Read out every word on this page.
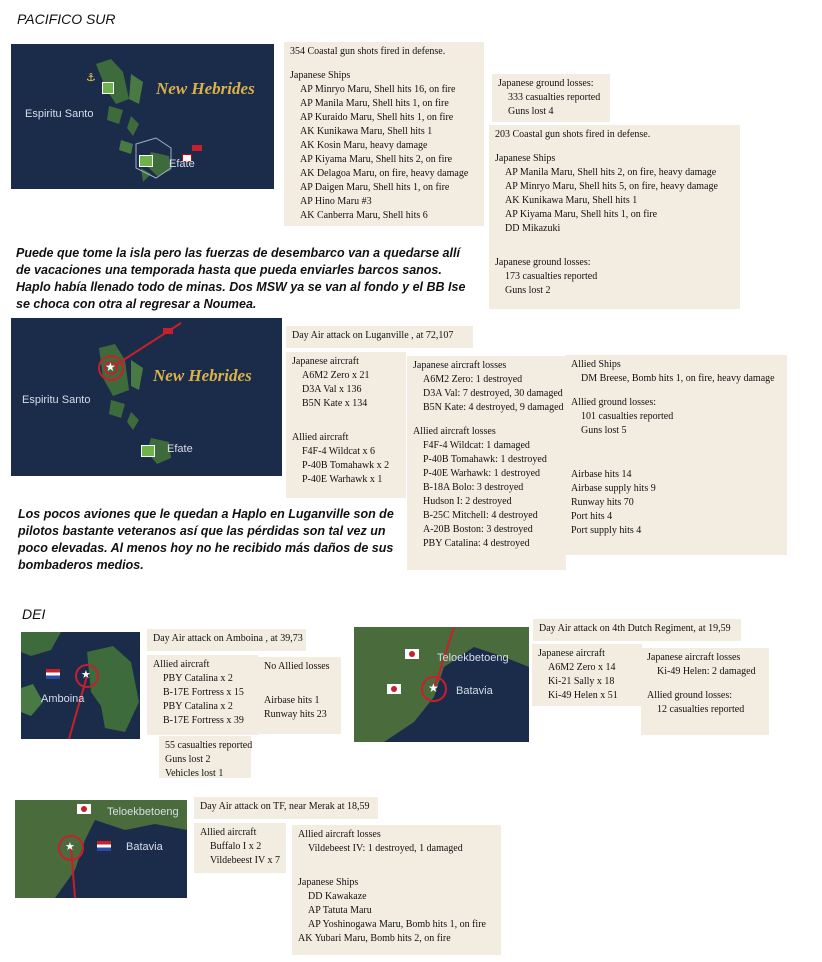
PACIFICO SUR
⚓
New Hebrides
Espiritu Santo
Efate
354 Coastal gun shots fired in defense.
Japanese Ships
AP Minryo Maru, Shell hits 16, on fire
AP Manila Maru, Shell hits 1, on fire
AP Kuraido Maru, Shell hits 1, on fire
AK Kunikawa Maru, Shell hits 1
AK Kosin Maru, heavy damage
AP Kiyama Maru, Shell hits 2, on fire
AK Delagoa Maru, on fire, heavy damage
AP Daigen Maru, Shell hits 1, on fire
AP Hino Maru #3
AK Canberra Maru, Shell hits 6
Japanese ground losses:
333 casualties reported
Guns lost 4
203 Coastal gun shots fired in defense.
Japanese Ships
AP Manila Maru, Shell hits 2, on fire, heavy damage
AP Minryo Maru, Shell hits 5, on fire, heavy damage
AK Kunikawa Maru, Shell hits 1
AP Kiyama Maru, Shell hits 1, on fire
DD Mikazuki
Japanese ground losses:
173 casualties reported
Guns lost 2

Puede que tome la isla pero las fuerzas de desembarco van a quedarse allí de vacaciones una temporada hasta que pueda enviarles barcos sanos. Haplo había llenado todo de minas. Dos MSW ya se van al fondo y el BB Ise se choca con otra al regresar a Noumea.

★ New Hebrides
Espiritu Santo
Efate
Day Air attack on Luganville , at 72,107
Japanese aircraft
A6M2 Zero x 21
D3A Val x 136
B5N Kate x 134
Allied aircraft
F4F-4 Wildcat x 6
P-40B Tomahawk x 2
P-40E Warhawk x 1
Japanese aircraft losses
A6M2 Zero: 1 destroyed
D3A Val: 7 destroyed, 30 damaged
B5N Kate: 4 destroyed, 9 damaged
Allied aircraft losses
F4F-4 Wildcat: 1 damaged
P-40B Tomahawk: 1 destroyed
P-40E Warhawk: 1 destroyed
B-18A Bolo: 3 destroyed
Hudson I: 2 destroyed
B-25C Mitchell: 4 destroyed
A-20B Boston: 3 destroyed
PBY Catalina: 4 destroyed
Allied Ships
DM Breese, Bomb hits 1, on fire, heavy damage
Allied ground losses:
101 casualties reported
Guns lost 5
Airbase hits 14
Airbase supply hits 9
Runway hits 70
Port hits 4
Port supply hits 4

Los pocos aviones que le quedan a Haplo en Luganville son de pilotos bastante veteranos así que las pérdidas son tal vez un poco elevadas. Al menos hoy no he recibido más daños de sus bombaderos medios.

DEI
★
Amboina
Day Air attack on Amboina , at 39,73
Allied aircraft
PBY Catalina x 2
B-17E Fortress x 15
PBY Catalina x 2
B-17E Fortress x 39
No Allied losses
Airbase hits 1
Runway hits 23
55 casualties reported
Guns lost 2
Vehicles lost 1
★
Teloekbetoeng
Batavia
Day Air attack on 4th Dutch Regiment, at 19,59
Japanese aircraft
A6M2 Zero x 14
Ki-21 Sally x 18
Ki-49 Helen x 51
Japanese aircraft losses
Ki-49 Helen: 2 damaged
Allied ground losses:
12 casualties reported
★
Teloekbetoeng
Batavia
Day Air attack on TF, near Merak at 18,59
Allied aircraft
Buffalo I x 2
Vildebeest IV x 7
Allied aircraft losses
Vildebeest IV: 1 destroyed, 1 damaged
Japanese Ships
DD Kawakaze
AP Tatuta Maru
AP Yoshinogawa Maru, Bomb hits 1, on fire
AK Yubari Maru, Bomb hits 2, on fire
